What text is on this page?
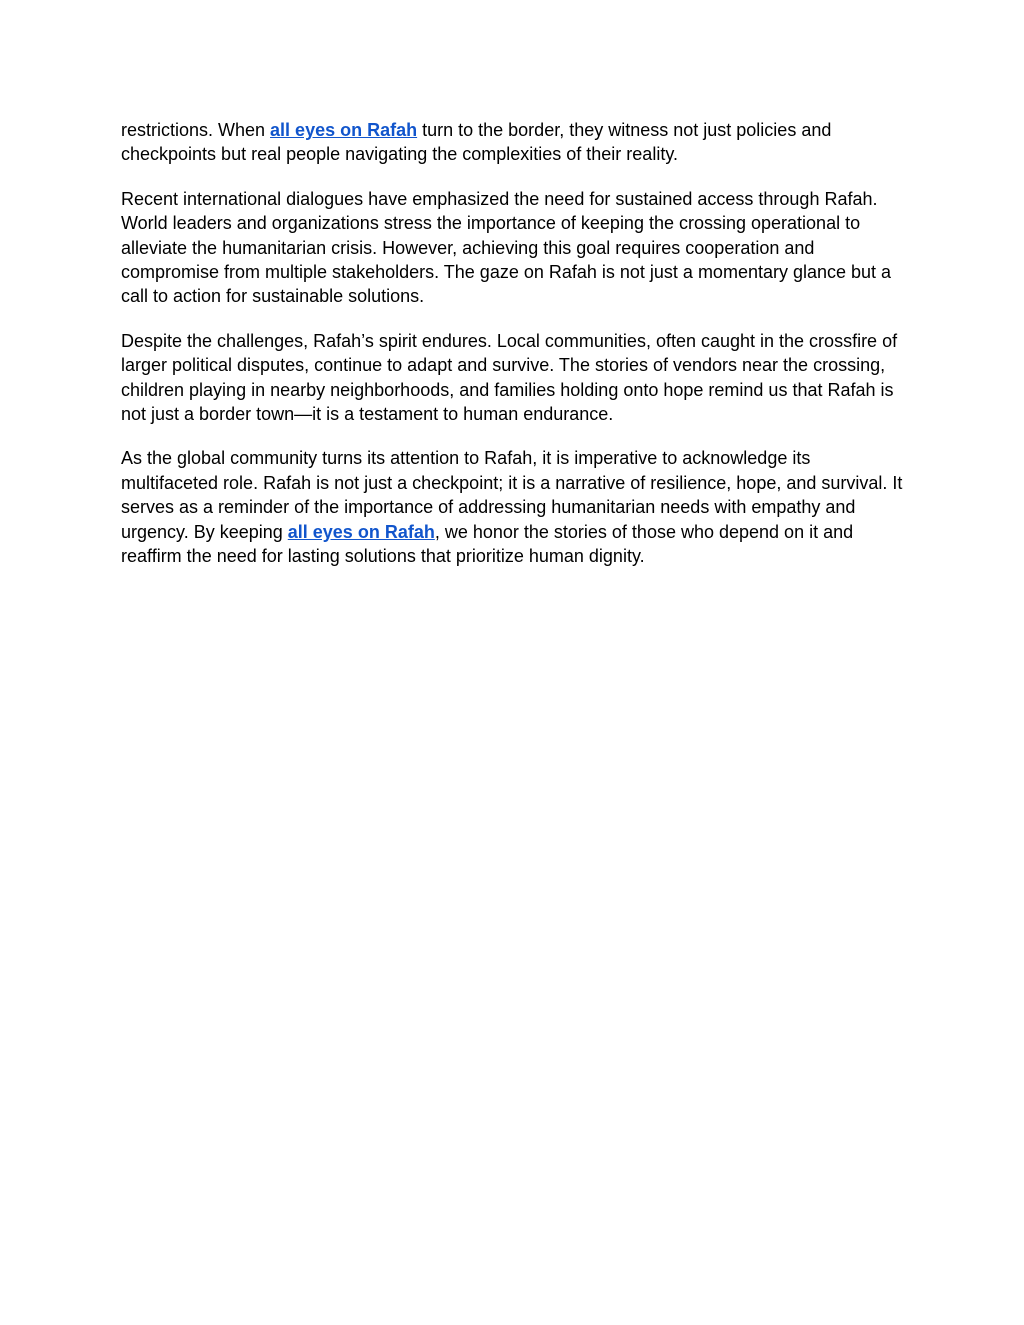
restrictions. When all eyes on Rafah turn to the border, they witness not just policies and checkpoints but real people navigating the complexities of their reality.

Recent international dialogues have emphasized the need for sustained access through Rafah. World leaders and organizations stress the importance of keeping the crossing operational to alleviate the humanitarian crisis. However, achieving this goal requires cooperation and compromise from multiple stakeholders. The gaze on Rafah is not just a momentary glance but a call to action for sustainable solutions.

Despite the challenges, Rafah’s spirit endures. Local communities, often caught in the crossfire of larger political disputes, continue to adapt and survive. The stories of vendors near the crossing, children playing in nearby neighborhoods, and families holding onto hope remind us that Rafah is not just a border town—it is a testament to human endurance.

As the global community turns its attention to Rafah, it is imperative to acknowledge its multifaceted role. Rafah is not just a checkpoint; it is a narrative of resilience, hope, and survival. It serves as a reminder of the importance of addressing humanitarian needs with empathy and urgency. By keeping all eyes on Rafah, we honor the stories of those who depend on it and reaffirm the need for lasting solutions that prioritize human dignity.
